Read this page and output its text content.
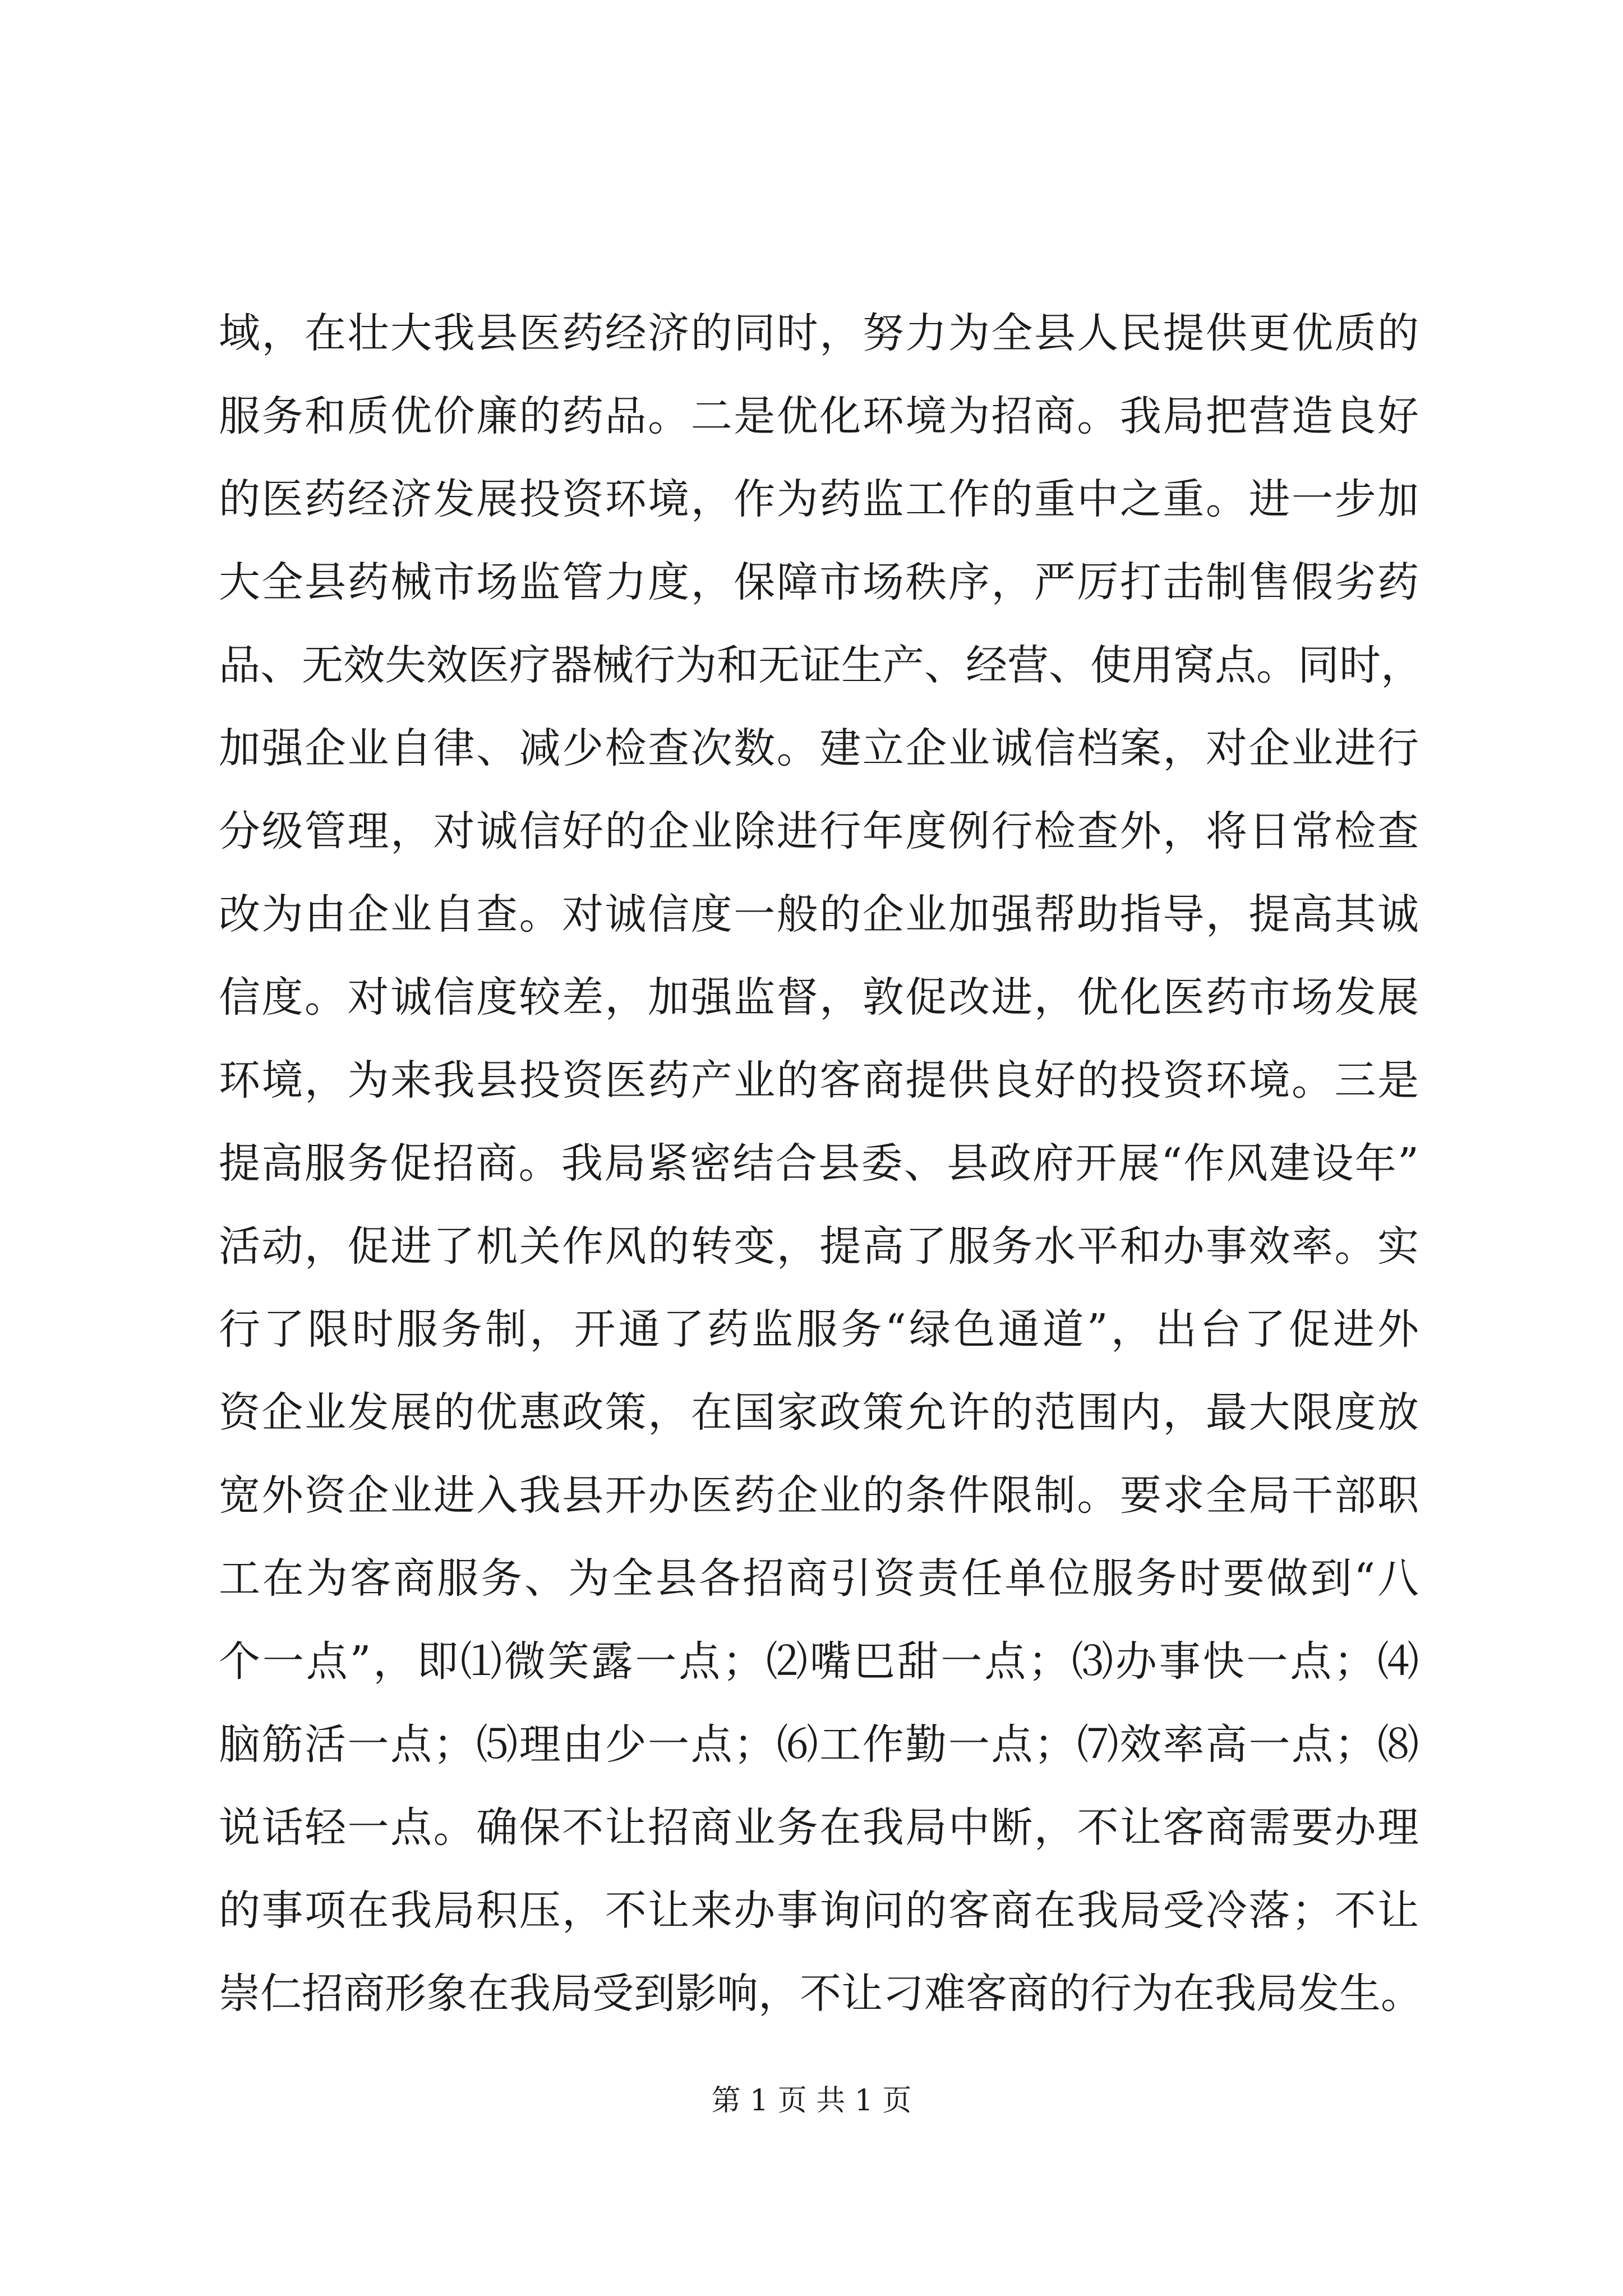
域，在壮大我县医药经济的同时，努力为全县人民提供更优质的
服务和质优价廉的药品。二是优化环境为招商。我局把营造良好
的医药经济发展投资环境，作为药监工作的重中之重。进一步加
大全县药械市场监管力度，保障市场秩序，严厉打击制售假劣药
品、无效失效医疗器械行为和无证生产、经营、使用窝点。同时，
加强企业自律、减少检查次数。建立企业诚信档案，对企业进行
分级管理，对诚信好的企业除进行年度例行检查外，将日常检查
改为由企业自查。对诚信度一般的企业加强帮助指导，提高其诚
信度。对诚信度较差，加强监督，敦促改进，优化医药市场发展
环境，为来我县投资医药产业的客商提供良好的投资环境。三是
提高服务促招商。我局紧密结合县委、县政府开展“作风建设年”
活动，促进了机关作风的转变，提高了服务水平和办事效率。实
行了限时服务制，开通了药监服务“绿色通道”，出台了促进外
资企业发展的优惠政策，在国家政策允许的范围内，最大限度放
宽外资企业进入我县开办医药企业的条件限制。要求全局干部职
工在为客商服务、为全县各招商引资责任单位服务时要做到“八
个一点”，即⑴微笑露一点；⑵嘴巴甜一点；⑶办事快一点；⑷
脑筋活一点；⑸理由少一点；⑹工作勤一点；⑺效率高一点；⑻
说话轻一点。确保不让招商业务在我局中断，不让客商需要办理
的事项在我局积压，不让来办事询问的客商在我局受冷落；不让
崇仁招商形象在我局受到影响，不让刁难客商的行为在我局发生。
第 1 页 共 1 页
